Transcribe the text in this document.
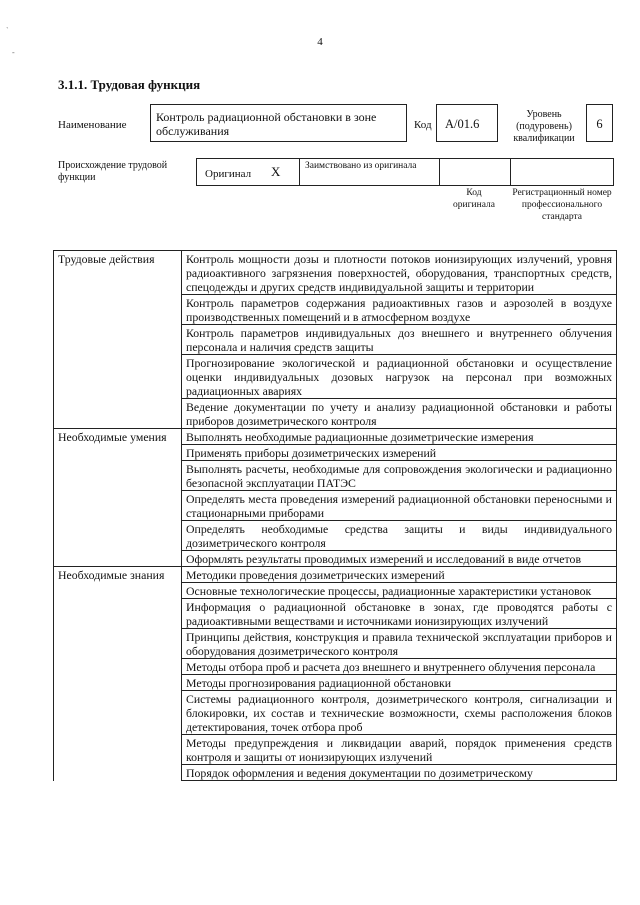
`
-
4
3.1.1. Трудовая функция
Наименование
Контроль радиационной обстановки в зоне обслуживания	Код А/01.6
Уровень (подуровень) квалификации
6
Происхождение трудовой функции	Оригинал X	Заимствовано из оригинала
Код оригинала
Регистрационный номер профессионального стандарта
Трудовые действия	Контроль мощности дозы и плотности потоков ионизирующих излучений, уровня радиоактивного загрязнения поверхностей, оборудования, транспортных средств, спецодежды и других средств индивидуальной защиты и территории
	Контроль параметров содержания радиоактивных газов и аэрозолей в воздухе производственных помещений и в атмосферном воздухе
	Контроль параметров индивидуальных доз внешнего и внутреннего облучения персонала и наличия средств защиты
	Прогнозирование экологической и радиационной обстановки и осуществление оценки индивидуальных дозовых нагрузок на персонал при возможных радиационных авариях
	Ведение документации по учету и анализу радиационной обстановки и работы приборов дозиметрического контроля
Необходимые умения	Выполнять необходимые радиационные дозиметрические измерения
	Применять приборы дозиметрических измерений
	Выполнять расчеты, необходимые для сопровождения экологически и радиационно безопасной эксплуатации ПАТЭС
	Определять места проведения измерений радиационной обстановки переносными и стационарными приборами
	Определять необходимые средства защиты и виды индивидуального дозиметрического контроля
	Оформлять результаты проводимых измерений и исследований в виде отчетов
Необходимые знания	Методики проведения дозиметрических измерений
	Основные технологические процессы, радиационные характеристики установок
	Информация о радиационной обстановке в зонах, где проводятся работы с радиоактивными веществами и источниками ионизирующих излучений
	Принципы действия, конструкция и правила технической эксплуатации приборов и оборудования дозиметрического контроля
	Методы отбора проб и расчета доз внешнего и внутреннего облучения персонала
	Методы прогнозирования радиационной обстановки
	Системы радиационного контроля, дозиметрического контроля, сигнализации и блокировки, их состав и технические возможности, схемы расположения блоков детектирования, точек отбора проб
	Методы предупреждения и ликвидации аварий, порядок применения средств контроля и защиты от ионизирующих излучений
	Порядок оформления и ведения документации по дозиметрическому
